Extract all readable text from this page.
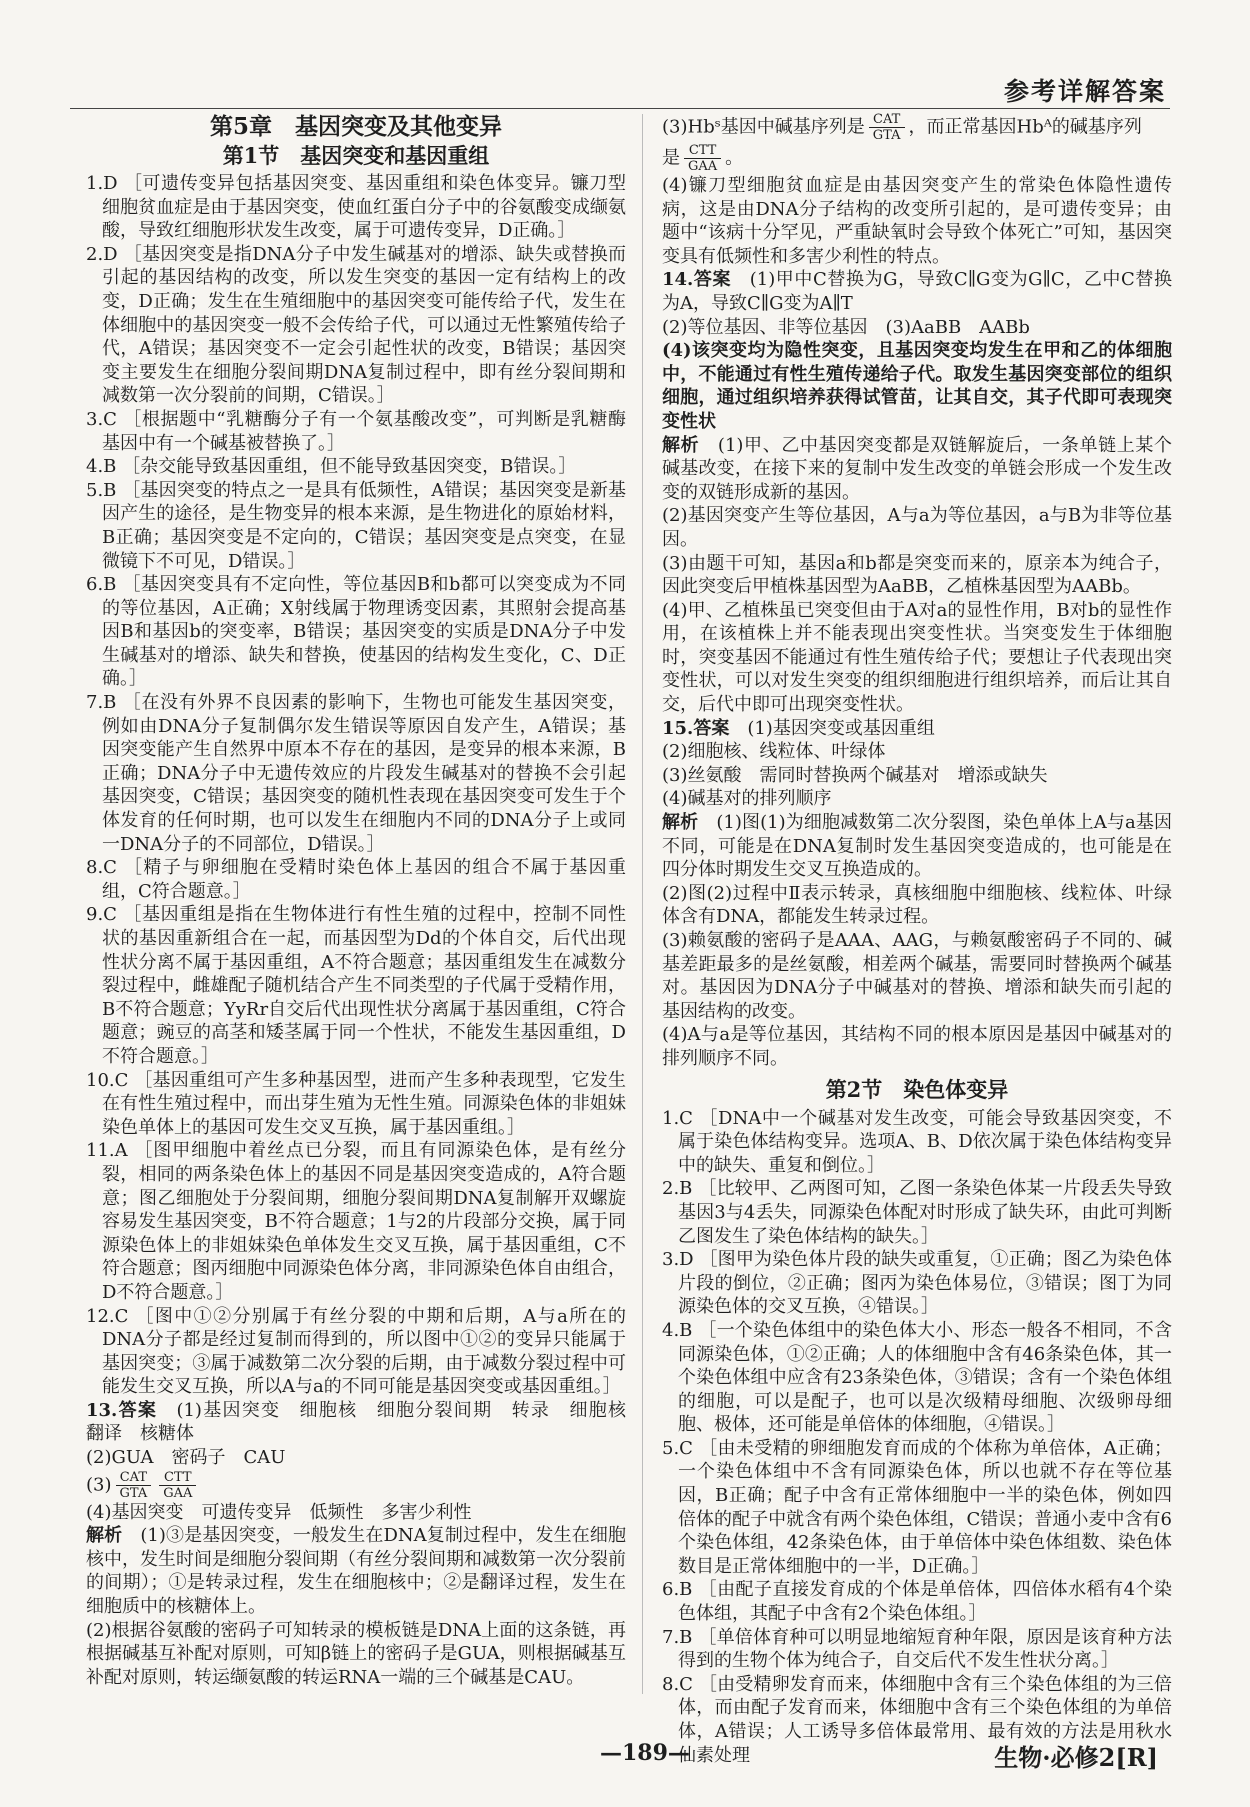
参考详解答案

第5章　基因突变及其他变异

第1节　基因突变和基因重组

1.D ［可遗传变异包括基因突变、基因重组和染色体变异。镰刀型细胞贫血症是由于基因突变，使血红蛋白分子中的谷氨酸变成缬氨酸，导致红细胞形状发生改变，属于可遗传变异，D正确。］

2.D ［基因突变是指DNA分子中发生碱基对的增添、缺失或替换而引起的基因结构的改变，所以发生突变的基因一定有结构上的改变，D正确；发生在生殖细胞中的基因突变可能传给子代，发生在体细胞中的基因突变一般不会传给子代，可以通过无性繁殖传给子代，A错误；基因突变不一定会引起性状的改变，B错误；基因突变主要发生在细胞分裂间期DNA复制过程中，即有丝分裂间期和减数第一次分裂前的间期，C错误。］

3.C ［根据题中“乳糖酶分子有一个氨基酸改变”，可判断是乳糖酶基因中有一个碱基被替换了。］

4.B ［杂交能导致基因重组，但不能导致基因突变，B错误。］

5.B ［基因突变的特点之一是具有低频性，A错误；基因突变是新基因产生的途径，是生物变异的根本来源，是生物进化的原始材料，B正确；基因突变是不定向的，C错误；基因突变是点突变，在显微镜下不可见，D错误。］

6.B ［基因突变具有不定向性，等位基因B和b都可以突变成为不同的等位基因，A正确；X射线属于物理诱变因素，其照射会提高基因B和基因b的突变率，B错误；基因突变的实质是DNA分子中发生碱基对的增添、缺失和替换，使基因的结构发生变化，C、D正确。］

7.B ［在没有外界不良因素的影响下，生物也可能发生基因突变，例如由DNA分子复制偶尔发生错误等原因自发产生，A错误；基因突变能产生自然界中原本不存在的基因，是变异的根本来源，B正确；DNA分子中无遗传效应的片段发生碱基对的替换不会引起基因突变，C错误；基因突变的随机性表现在基因突变可发生于个体发育的任何时期，也可以发生在细胞内不同的DNA分子上或同一DNA分子的不同部位，D错误。］

8.C ［精子与卵细胞在受精时染色体上基因的组合不属于基因重组，C符合题意。］

9.C ［基因重组是指在生物体进行有性生殖的过程中，控制不同性状的基因重新组合在一起，而基因型为Dd的个体自交，后代出现性状分离不属于基因重组，A不符合题意；基因重组发生在减数分裂过程中，雌雄配子随机结合产生不同类型的子代属于受精作用，B不符合题意；YyRr自交后代出现性状分离属于基因重组，C符合题意；豌豆的高茎和矮茎属于同一个性状，不能发生基因重组，D不符合题意。］

10.C ［基因重组可产生多种基因型，进而产生多种表现型，它发生在有性生殖过程中，而出芽生殖为无性生殖。同源染色体的非姐妹染色单体上的基因可发生交叉互换，属于基因重组。］

11.A ［图甲细胞中着丝点已分裂，而且有同源染色体，是有丝分裂，相同的两条染色体上的基因不同是基因突变造成的，A符合题意；图乙细胞处于分裂间期，细胞分裂间期DNA复制解开双螺旋容易发生基因突变，B不符合题意；1与2的片段部分交换，属于同源染色体上的非姐妹染色单体发生交叉互换，属于基因重组，C不符合题意；图丙细胞中同源染色体分离，非同源染色体自由组合，D不符合题意。］

12.C ［图中①②分别属于有丝分裂的中期和后期，A与a所在的DNA分子都是经过复制而得到的，所以图中①②的变异只能属于基因突变；③属于减数第二次分裂的后期，由于减数分裂过程中可能发生交叉互换，所以A与a的不同可能是基因突变或基因重组。］

13.答案　 (1)基因突变　细胞核　细胞分裂间期　转录　细胞核　翻译　核糖体

(2)GUA　密码子　CAU

$(3) \frac{\text{CAT}}{\text{GTA}} \frac{\text{CTT}}{\text{GAA}}$

(4)基因突变　可遗传变异　低频性　多害少利性

解析　 (1)③是基因突变，一般发生在DNA复制过程中，发生在细胞核中，发生时间是细胞分裂间期（有丝分裂间期和减数第一次分裂前的间期）；①是转录过程，发生在细胞核中；②是翻译过程，发生在细胞质中的核糖体上。

(2)根据谷氨酸的密码子可知转录的模板链是DNA上面的这条链，再根据碱基互补配对原则，可知β链上的密码子是GUA，则根据碱基互补配对原则，转运缬氨酸的转运RNA一端的三个碱基是CAU。

(3)Hbˢ基因中碱基序列是 $\frac{\text{CAT}}{\text{GTA}}$ ，而正常基因Hbᴬ的碱基序列

是 $\frac{\text{CTT}}{\text{GAA}}$ 。

(4)镰刀型细胞贫血症是由基因突变产生的常染色体隐性遗传病，这是由DNA分子结构的改变所引起的，是可遗传变异；由题中“该病十分罕见，严重缺氧时会导致个体死亡”可知，基因突变具有低频性和多害少利性的特点。

14.答案　 (1)甲中C替换为G，导致C∥G变为G∥C，乙中C替换为A，导致C∥G变为A∥T

(2)等位基因、非等位基因　(3)AaBB　AABb

(4)该突变均为隐性突变，且基因突变均发生在甲和乙的体细胞中，不能通过有性生殖传递给子代。取发生基因突变部位的组织细胞，通过组织培养获得试管苗，让其自交，其子代即可表现突变性状

解析　 (1)甲、乙中基因突变都是双链解旋后，一条单链上某个碱基改变，在接下来的复制中发生改变的单链会形成一个发生改变的双链形成新的基因。

(2)基因突变产生等位基因，A与a为等位基因，a与B为非等位基因。

(3)由题干可知，基因a和b都是突变而来的，原亲本为纯合子，因此突变后甲植株基因型为AaBB，乙植株基因型为AABb。

(4)甲、乙植株虽已突变但由于A对a的显性作用，B对b的显性作用，在该植株上并不能表现出突变性状。当突变发生于体细胞时，突变基因不能通过有性生殖传给子代；要想让子代表现出突变性状，可以对发生突变的组织细胞进行组织培养，而后让其自交，后代中即可出现突变性状。

15.答案　 (1)基因突变或基因重组

(2)细胞核、线粒体、叶绿体

(3)丝氨酸　需同时替换两个碱基对　增添或缺失

(4)碱基对的排列顺序

解析　 (1)图(1)为细胞减数第二次分裂图，染色单体上A与a基因不同，可能是在DNA复制时发生基因突变造成的，也可能是在四分体时期发生交叉互换造成的。

(2)图(2)过程中Ⅱ表示转录，真核细胞中细胞核、线粒体、叶绿体含有DNA，都能发生转录过程。

(3)赖氨酸的密码子是AAA、AAG，与赖氨酸密码子不同的、碱基差距最多的是丝氨酸，相差两个碱基，需要同时替换两个碱基对。基因因为DNA分子中碱基对的替换、增添和缺失而引起的基因结构的改变。

(4)A与a是等位基因，其结构不同的根本原因是基因中碱基对的排列顺序不同。

第2节　染色体变异

1.C ［DNA中一个碱基对发生改变，可能会导致基因突变，不属于染色体结构变异。选项A、B、D依次属于染色体结构变异中的缺失、重复和倒位。］

2.B ［比较甲、乙两图可知，乙图一条染色体某一片段丢失导致基因3与4丢失，同源染色体配对时形成了缺失环，由此可判断乙图发生了染色体结构的缺失。］

3.D ［图甲为染色体片段的缺失或重复，①正确；图乙为染色体片段的倒位，②正确；图丙为染色体易位，③错误；图丁为同源染色体的交叉互换，④错误。］

4.B ［一个染色体组中的染色体大小、形态一般各不相同，不含同源染色体，①②正确；人的体细胞中含有46条染色体，其一个染色体组中应含有23条染色体，③错误；含有一个染色体组的细胞，可以是配子，也可以是次级精母细胞、次级卵母细胞、极体，还可能是单倍体的体细胞，④错误。］

5.C ［由未受精的卵细胞发育而成的个体称为单倍体，A正确；一个染色体组中不含有同源染色体，所以也就不存在等位基因，B正确；配子中含有正常体细胞中一半的染色体，例如四倍体的配子中就含有两个染色体组，C错误；普通小麦中含有6个染色体组，42条染色体，由于单倍体中染色体组数、染色体数目是正常体细胞中的一半，D正确。］

6.B ［由配子直接发育成的个体是单倍体，四倍体水稻有4个染色体组，其配子中含有2个染色体组。］

7.B ［单倍体育种可以明显地缩短育种年限，原因是该育种方法得到的生物个体为纯合子，自交后代不发生性状分离。］

8.C ［由受精卵发育而来，体细胞中含有三个染色体组的为三倍体，而由配子发育而来，体细胞中含有三个染色体组的为单倍体，A错误；人工诱导多倍体最常用、最有效的方法是用秋水仙素处理

—189—	生物·必修2[R]
